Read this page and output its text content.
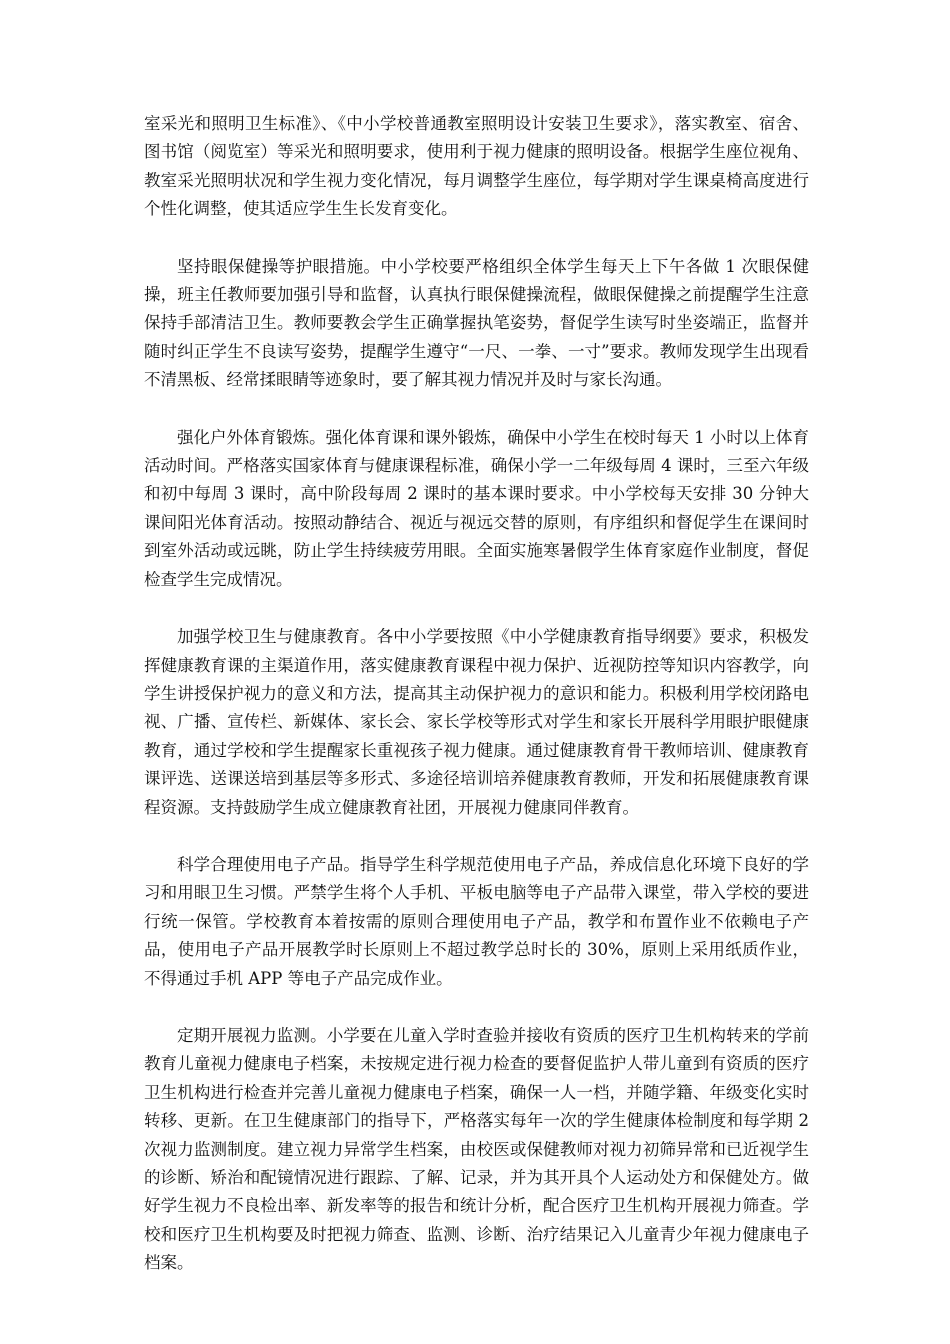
室采光和照明卫生标准》、《中小学校普通教室照明设计安装卫生要求》，落实教室、宿舍、图书馆（阅览室）等采光和照明要求，使用利于视力健康的照明设备。根据学生座位视角、教室采光照明状况和学生视力变化情况，每月调整学生座位，每学期对学生课桌椅高度进行个性化调整，使其适应学生生长发育变化。

坚持眼保健操等护眼措施。中小学校要严格组织全体学生每天上下午各做 1 次眼保健操，班主任教师要加强引导和监督，认真执行眼保健操流程，做眼保健操之前提醒学生注意保持手部清洁卫生。教师要教会学生正确掌握执笔姿势，督促学生读写时坐姿端正，监督并随时纠正学生不良读写姿势，提醒学生遵守“一尺、一拳、一寸”要求。教师发现学生出现看不清黑板、经常揉眼睛等迹象时，要了解其视力情况并及时与家长沟通。

强化户外体育锻炼。强化体育课和课外锻炼，确保中小学生在校时每天 1 小时以上体育活动时间。严格落实国家体育与健康课程标准，确保小学一二年级每周 4 课时，三至六年级和初中每周 3 课时，高中阶段每周 2 课时的基本课时要求。中小学校每天安排 30 分钟大课间阳光体育活动。按照动静结合、视近与视远交替的原则，有序组织和督促学生在课间时到室外活动或远眺，防止学生持续疲劳用眼。全面实施寒暑假学生体育家庭作业制度，督促检查学生完成情况。

加强学校卫生与健康教育。各中小学要按照《中小学健康教育指导纲要》要求，积极发挥健康教育课的主渠道作用，落实健康教育课程中视力保护、近视防控等知识内容教学，向学生讲授保护视力的意义和方法，提高其主动保护视力的意识和能力。积极利用学校闭路电视、广播、宣传栏、新媒体、家长会、家长学校等形式对学生和家长开展科学用眼护眼健康教育，通过学校和学生提醒家长重视孩子视力健康。通过健康教育骨干教师培训、健康教育课评选、送课送培到基层等多形式、多途径培训培养健康教育教师，开发和拓展健康教育课程资源。支持鼓励学生成立健康教育社团，开展视力健康同伴教育。

科学合理使用电子产品。指导学生科学规范使用电子产品，养成信息化环境下良好的学习和用眼卫生习惯。严禁学生将个人手机、平板电脑等电子产品带入课堂，带入学校的要进行统一保管。学校教育本着按需的原则合理使用电子产品，教学和布置作业不依赖电子产品，使用电子产品开展教学时长原则上不超过教学总时长的 30%，原则上采用纸质作业，不得通过手机 APP 等电子产品完成作业。

定期开展视力监测。小学要在儿童入学时查验并接收有资质的医疗卫生机构转来的学前教育儿童视力健康电子档案，未按规定进行视力检查的要督促监护人带儿童到有资质的医疗卫生机构进行检查并完善儿童视力健康电子档案，确保一人一档，并随学籍、年级变化实时转移、更新。在卫生健康部门的指导下，严格落实每年一次的学生健康体检制度和每学期 2 次视力监测制度。建立视力异常学生档案，由校医或保健教师对视力初筛异常和已近视学生的诊断、矫治和配镜情况进行跟踪、了解、记录，并为其开具个人运动处方和保健处方。做好学生视力不良检出率、新发率等的报告和统计分析，配合医疗卫生机构开展视力筛查。学校和医疗卫生机构要及时把视力筛查、监测、诊断、治疗结果记入儿童青少年视力健康电子档案。
